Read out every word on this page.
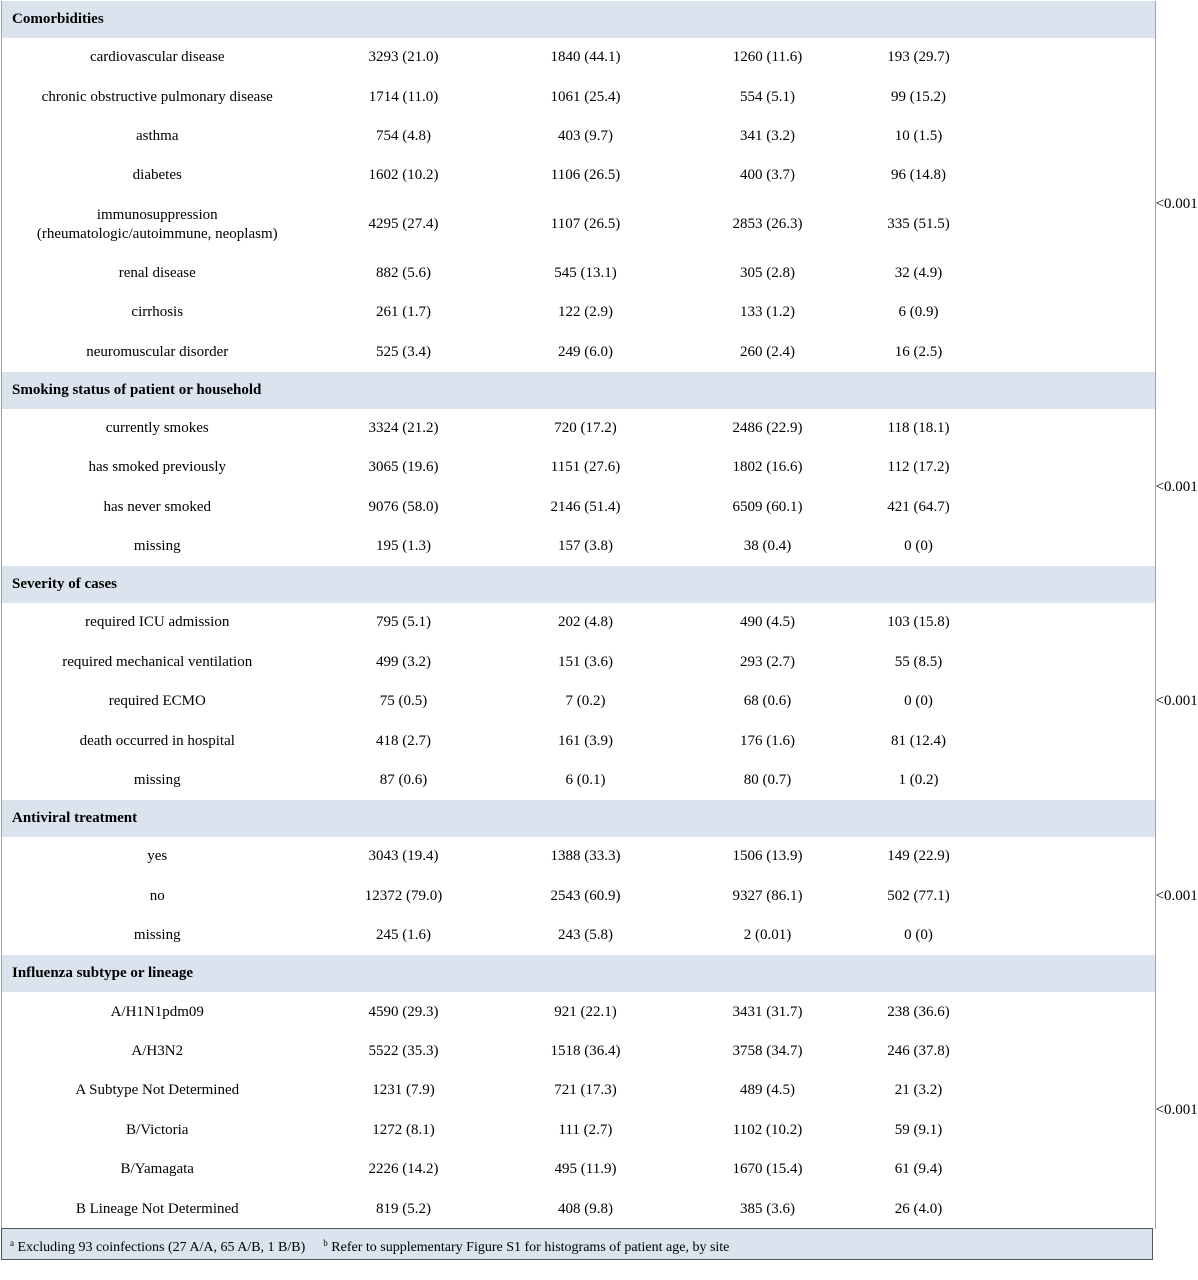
Comorbidities						

cardiovascular disease	3293 (21.0)	1840 (44.1)	1260 (11.6)	193 (29.7)		<0.001

chronic obstructive pulmonary disease	1714 (11.0)	1061 (25.4)	554 (5.1)	99 (15.2)		

asthma	754 (4.8)	403 (9.7)	341 (3.2)	10 (1.5)		

diabetes	1602 (10.2)	1106 (26.5)	400 (3.7)	96 (14.8)		

immunosuppression
(rheumatologic/autoimmune, neoplasm)	4295 (27.4)	1107 (26.5)	2853 (26.3)	335 (51.5)		

renal disease	882 (5.6)	545 (13.1)	305 (2.8)	32 (4.9)		

cirrhosis	261 (1.7)	122 (2.9)	133 (1.2)	6 (0.9)		

neuromuscular disorder	525 (3.4)	249 (6.0)	260 (2.4)	16 (2.5)		
Smoking status of patient or household						

currently smokes	3324 (21.2)	720 (17.2)	2486 (22.9)	118 (18.1)		<0.001

has smoked previously	3065 (19.6)	1151 (27.6)	1802 (16.6)	112 (17.2)		

has never smoked	9076 (58.0)	2146 (51.4)	6509 (60.1)	421 (64.7)		

missing	195 (1.3)	157 (3.8)	38 (0.4)	0 (0)		
Severity of cases						

required ICU admission	795 (5.1)	202 (4.8)	490 (4.5)	103 (15.8)		<0.001

required mechanical ventilation	499 (3.2)	151 (3.6)	293 (2.7)	55 (8.5)		

required ECMO	75 (0.5)	7 (0.2)	68 (0.6)	0 (0)		

death occurred in hospital	418 (2.7)	161 (3.9)	176 (1.6)	81 (12.4)		

missing	87 (0.6)	6 (0.1)	80 (0.7)	1 (0.2)		
Antiviral treatment						

yes	3043 (19.4)	1388 (33.3)	1506 (13.9)	149 (22.9)		<0.001

no	12372 (79.0)	2543 (60.9)	9327 (86.1)	502 (77.1)		

missing	245 (1.6)	243 (5.8)	2 (0.01)	0 (0)		
Influenza subtype or lineage						

A/H1N1pdm09	4590 (29.3)	921 (22.1)	3431 (31.7)	238 (36.6)		<0.001

A/H3N2	5522 (35.3)	1518 (36.4)	3758 (34.7)	246 (37.8)		

A Subtype Not Determined	1231 (7.9)	721 (17.3)	489 (4.5)	21 (3.2)		

B/Victoria	1272 (8.1)	111 (2.7)	1102 (10.2)	59 (9.1)		

B/Yamagata	2226 (14.2)	495 (11.9)	1670 (15.4)	61 (9.4)		

B Lineage Not Determined	819 (5.2)	408 (9.8)	385 (3.6)	26 (4.0)		
$^a$ Excluding 93 coinfections (27 A/A, 65 A/B, 1 B/B) $^b$ Refer to supplementary Figure S1 for histograms of patient age, by site
